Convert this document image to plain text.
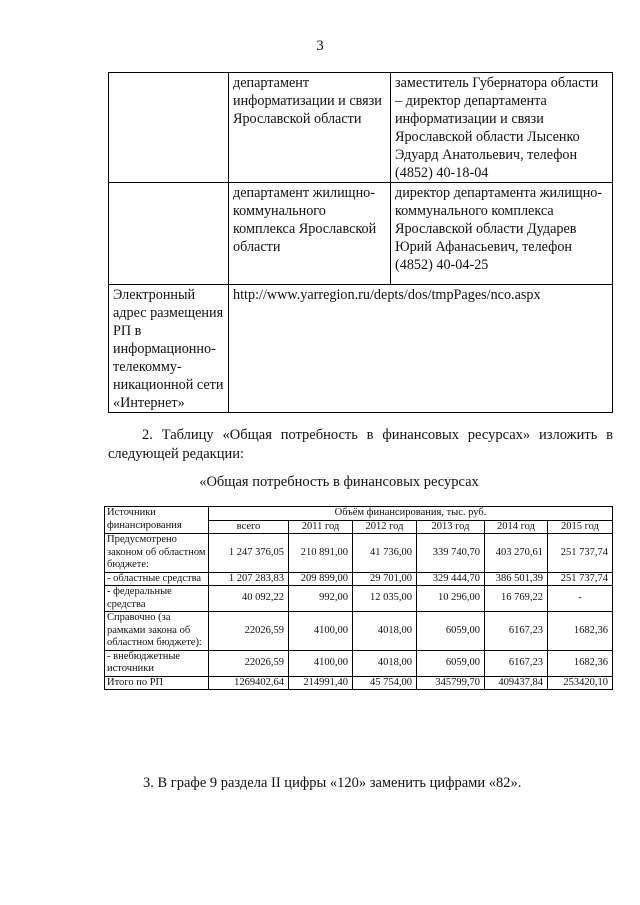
3
	департамент информатизации и связи Ярославской области	заместитель Губернатора области – директор департамента информатизации и связи Ярославской области Лысенко Эдуард Анатольевич, телефон (4852) 40-18-04
	департамент жилищно-коммунального комплекса Ярославской области	директор департамента жилищно-коммунального комплекса Ярославской области Дударев Юрий Афанасьевич, телефон (4852) 40-04-25
Электронный адрес размещения РП в информационно-телекомму-никационной сети «Интернет»	http://www.yarregion.ru/depts/dos/tmpPages/nco.aspx	
2. Таблицу «Общая потребность в финансовых ресурсах» изложить в следующей редакции:
«Общая потребность в финансовых ресурсах
Источники финансирования	Объём финансирования, тыс. руб.					
	всего	2011 год	2012 год	2013 год	2014 год	2015 год
Предусмотрено законом об областном бюджете:	1 247 376,05	210 891,00	41 736,00	339 740,70	403 270,61	251 737,74
- областные средства	1 207 283,83	209 899,00	29 701,00	329 444,70	386 501,39	251 737,74
- федеральные средства	40 092,22	992,00	12 035,00	10 296,00	16 769,22	-
Справочно (за рамками закона об областном бюджете):	22026,59	4100,00	4018,00	6059,00	6167,23	1682,36
- внебюджетные источники	22026,59	4100,00	4018,00	6059,00	6167,23	1682,36
Итого по РП	1269402,64	214991,40	45 754,00	345799,70	409437,84	253420,10
3. В графе 9 раздела II цифры «120» заменить цифрами «82».
